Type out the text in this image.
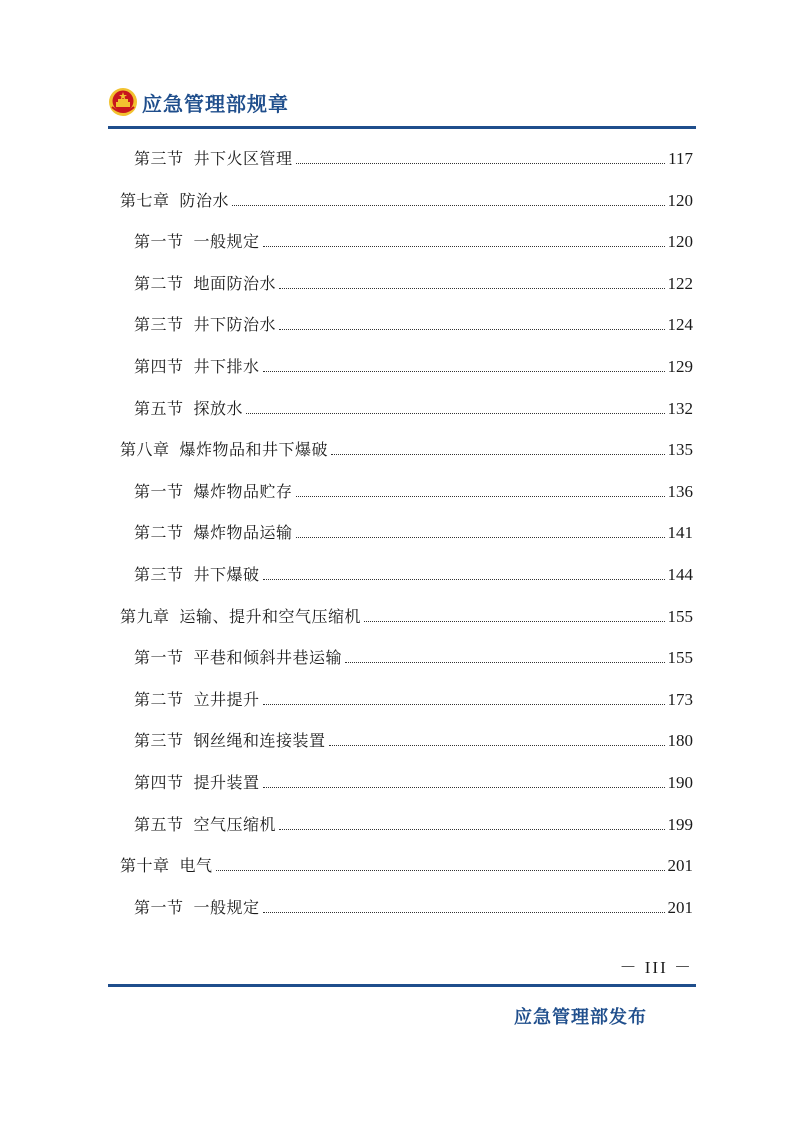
应急管理部规章
第三节 井下火区管理	117
第七章 防治水	120
第一节 一般规定	120
第二节 地面防治水	122
第三节 井下防治水	124
第四节 井下排水	129
第五节 探放水	132
第八章 爆炸物品和井下爆破	135
第一节 爆炸物品贮存	136
第二节 爆炸物品运输	141
第三节 井下爆破	144
第九章 运输、提升和空气压缩机	155
第一节 平巷和倾斜井巷运输	155
第二节 立井提升	173
第三节 钢丝绳和连接装置	180
第四节 提升装置	190
第五节 空气压缩机	199
第十章 电气	201
第一节 一般规定	201
－ III －
应急管理部发布
